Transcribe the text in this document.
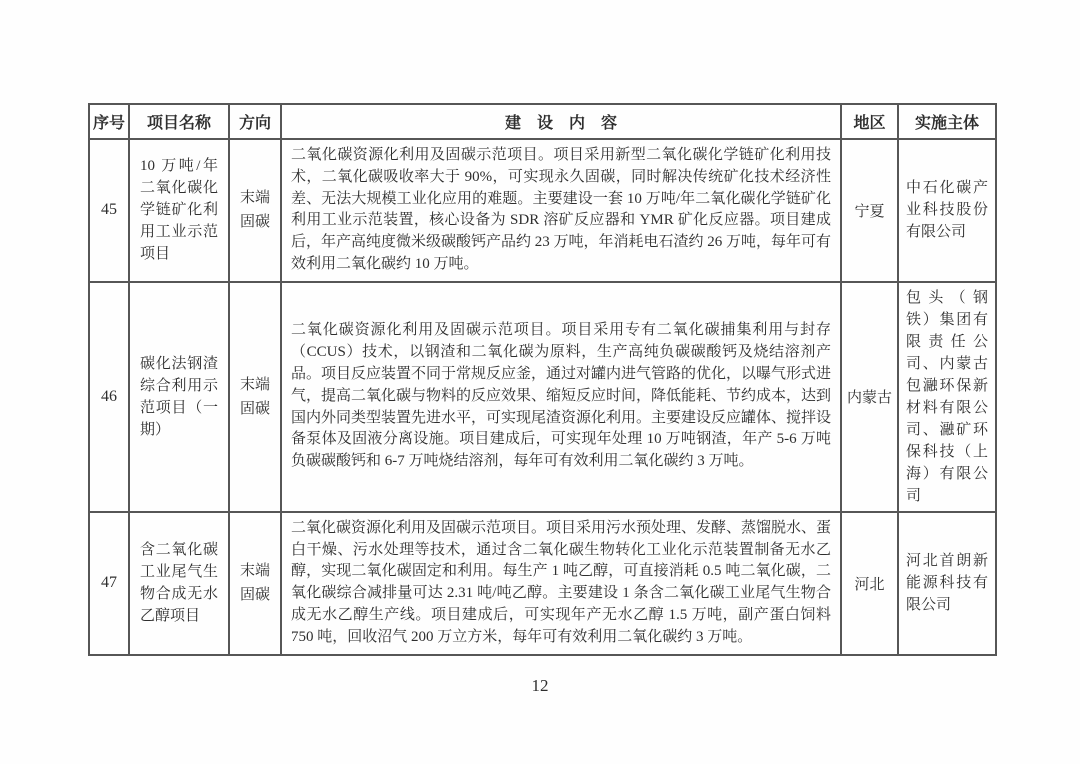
序号	项目名称	方向	建设内容	地区	实施主体
45	10 万吨/年二氧化碳化学链矿化利用工业示范项目	末端固碳	二氧化碳资源化利用及固碳示范项目。项目采用新型二氧化碳化学链矿化利用技术，二氧化碳吸收率大于 90%，可实现永久固碳，同时解决传统矿化技术经济性差、无法大规模工业化应用的难题。主要建设一套 10 万吨/年二氧化碳化学链矿化利用工业示范装置，核心设备为 SDR 溶矿反应器和 YMR 矿化反应器。项目建成后，年产高纯度微米级碳酸钙产品约 23 万吨，年消耗电石渣约 26 万吨，每年可有效利用二氧化碳约 10 万吨。	宁夏	中石化碳产业科技股份有限公司
46	碳化法钢渣综合利用示范项目（一期）	末端固碳	二氧化碳资源化利用及固碳示范项目。项目采用专有二氧化碳捕集利用与封存（CCUS）技术，以钢渣和二氧化碳为原料，生产高纯负碳碳酸钙及烧结溶剂产品。项目反应装置不同于常规反应釜，通过对罐内进气管路的优化，以曝气形式进气，提高二氧化碳与物料的反应效果、缩短反应时间，降低能耗、节约成本，达到国内外同类型装置先进水平，可实现尾渣资源化利用。主要建设反应罐体、搅拌设备泵体及固液分离设施。项目建成后，可实现年处理 10 万吨钢渣，年产 5-6 万吨负碳碳酸钙和 6-7 万吨烧结溶剂，每年可有效利用二氧化碳约 3 万吨。	内蒙古	包头（钢铁）集团有限责任公司、内蒙古包瀜环保新材料有限公司、瀜矿环保科技（上海）有限公司
47	含二氧化碳工业尾气生物合成无水乙醇项目	末端固碳	二氧化碳资源化利用及固碳示范项目。项目采用污水预处理、发酵、蒸馏脱水、蛋白干燥、污水处理等技术，通过含二氧化碳生物转化工业化示范装置制备无水乙醇，实现二氧化碳固定和利用。每生产 1 吨乙醇，可直接消耗 0.5 吨二氧化碳，二氧化碳综合减排量可达 2.31 吨/吨乙醇。主要建设 1 条含二氧化碳工业尾气生物合成无水乙醇生产线。项目建成后，可实现年产无水乙醇 1.5 万吨，副产蛋白饲料 750 吨，回收沼气 200 万立方米，每年可有效利用二氧化碳约 3 万吨。	河北	河北首朗新能源科技有限公司
12
